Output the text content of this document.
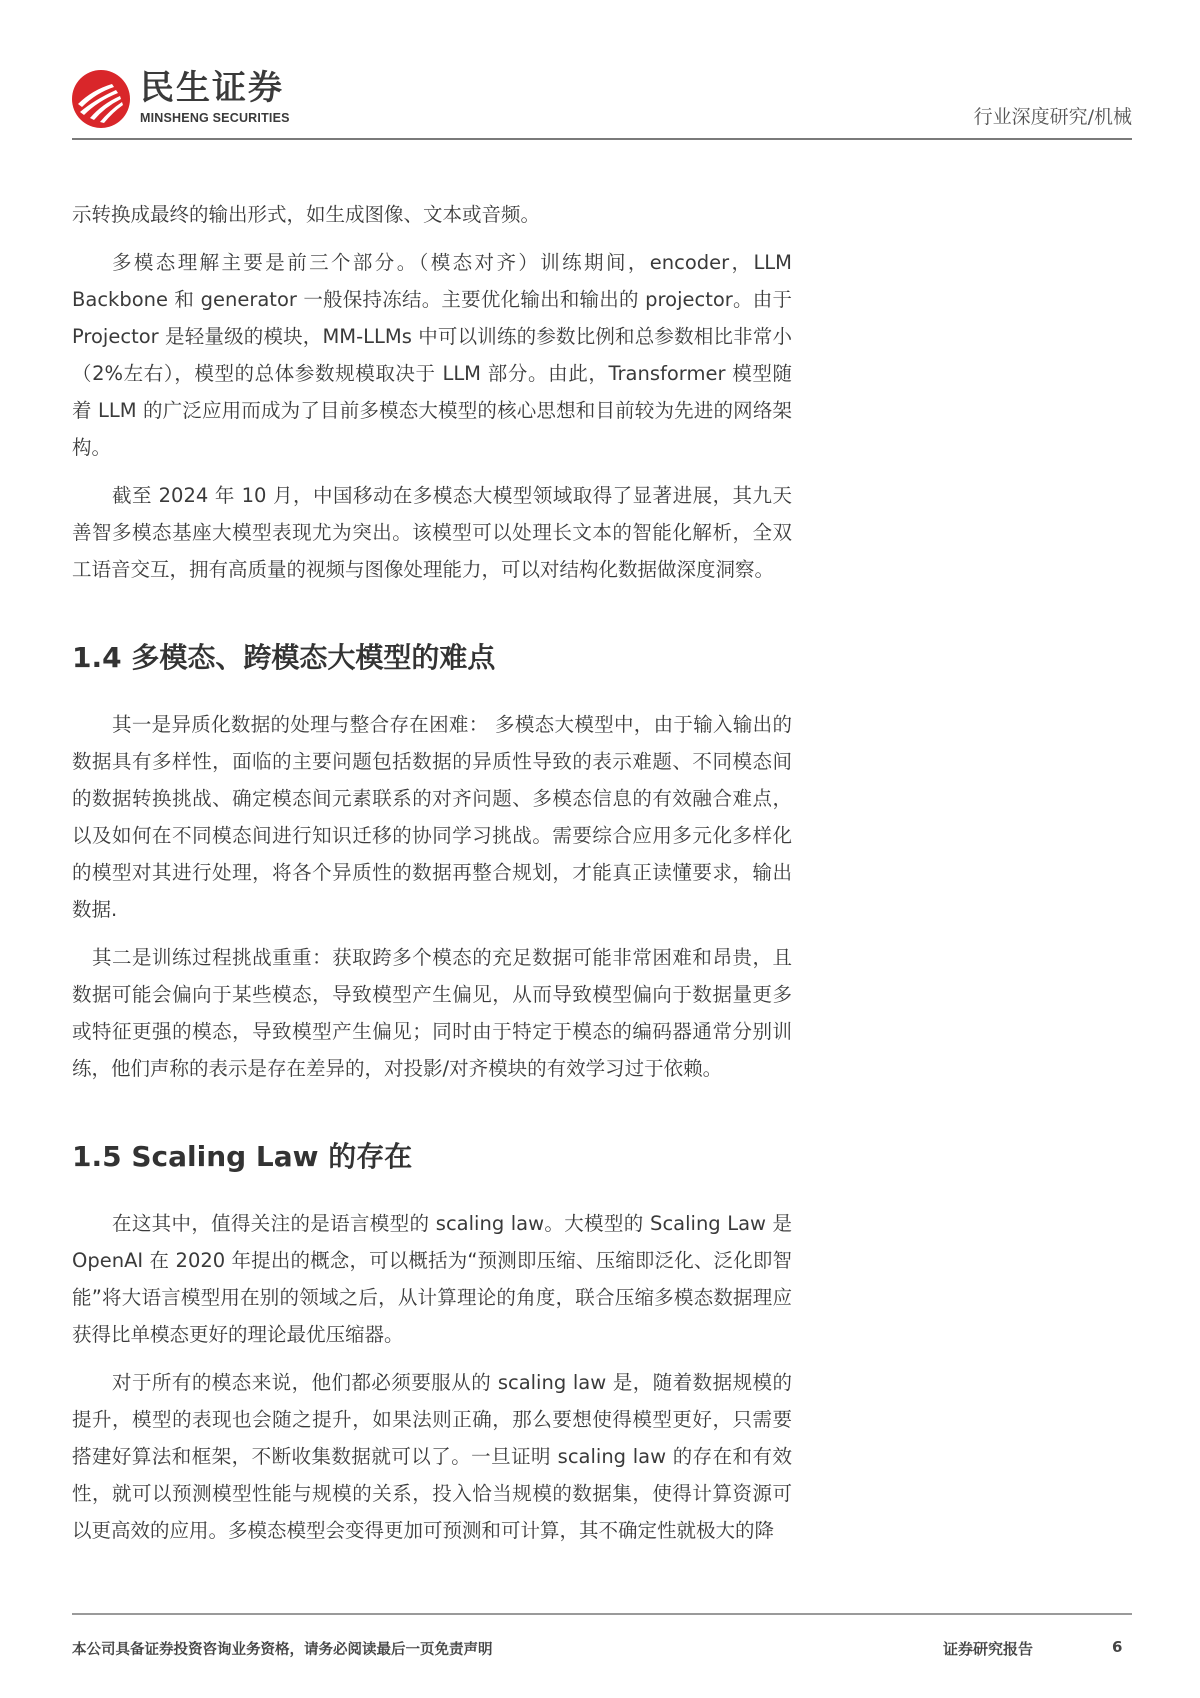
民生证券
MINSHENG SECURITIES	行业深度研究/机械

示转换成最终的输出形式，如生成图像、文本或音频。

多模态理解主要是前三个部分。（模态对齐）训练期间，encoder，LLM Backbone 和 generator 一般保持冻结。主要优化输出和输出的 projector。由于 Projector 是轻量级的模块，MM-LLMs 中可以训练的参数比例和总参数相比非常小（2%左右），模型的总体参数规模取决于 LLM 部分。由此，Transformer 模型随着 LLM 的广泛应用而成为了目前多模态大模型的核心思想和目前较为先进的网络架构。

截至 2024 年 10 月，中国移动在多模态大模型领域取得了显著进展，其九天善智多模态基座大模型表现尤为突出。该模型可以处理长文本的智能化解析，全双工语音交互，拥有高质量的视频与图像处理能力，可以对结构化数据做深度洞察。

1.4 多模态、跨模态大模型的难点

其一是异质化数据的处理与整合存在困难： 多模态大模型中，由于输入输出的数据具有多样性，面临的主要问题包括数据的异质性导致的表示难题、不同模态间的数据转换挑战、确定模态间元素联系的对齐问题、多模态信息的有效融合难点，以及如何在不同模态间进行知识迁移的协同学习挑战。需要综合应用多元化多样化的模型对其进行处理，将各个异质性的数据再整合规划，才能真正读懂要求，输出数据.

其二是训练过程挑战重重：获取跨多个模态的充足数据可能非常困难和昂贵，且数据可能会偏向于某些模态，导致模型产生偏见，从而导致模型偏向于数据量更多或特征更强的模态，导致模型产生偏见；同时由于特定于模态的编码器通常分别训练，他们声称的表示是存在差异的，对投影/对齐模块的有效学习过于依赖。

1.5 Scaling Law 的存在

在这其中，值得关注的是语言模型的 scaling law。大模型的 Scaling Law 是 OpenAI 在 2020 年提出的概念，可以概括为“预测即压缩、压缩即泛化、泛化即智能”将大语言模型用在别的领域之后，从计算理论的角度，联合压缩多模态数据理应获得比单模态更好的理论最优压缩器。

对于所有的模态来说，他们都必须要服从的 scaling law 是，随着数据规模的提升，模型的表现也会随之提升，如果法则正确，那么要想使得模型更好，只需要搭建好算法和框架，不断收集数据就可以了。一旦证明 scaling law 的存在和有效性，就可以预测模型性能与规模的关系，投入恰当规模的数据集，使得计算资源可以更高效的应用。多模态模型会变得更加可预测和可计算，其不确定性就极大的降

本公司具备证券投资咨询业务资格，请务必阅读最后一页免责声明	证券研究报告	6
